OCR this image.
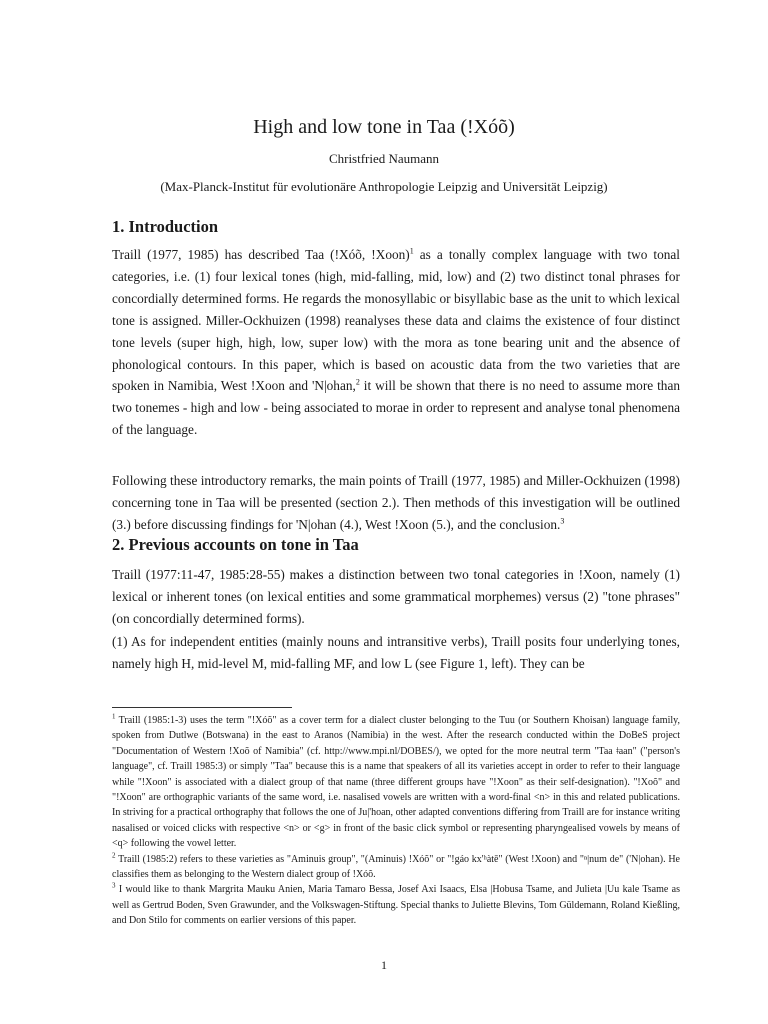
High and low tone in Taa (!Xóõ)
Christfried Naumann
(Max-Planck-Institut für evolutionäre Anthropologie Leipzig and Universität Leipzig)
1. Introduction

Traill (1977, 1985) has described Taa (!Xóõ, !Xoon)$^1$ as a tonally complex language with two tonal categories, i.e. (1) four lexical tones (high, mid-falling, mid, low) and (2) two distinct tonal phrases for concordially determined forms. He regards the monosyllabic or bisyllabic base as the unit to which lexical tone is assigned. Miller-Ockhuizen (1998) reanalyses these data and claims the existence of four distinct tone levels (super high, high, low, super low) with the mora as tone bearing unit and the absence of phonological contours. In this paper, which is based on acoustic data from the two varieties that are spoken in Namibia, West !Xoon and 'N|ohan,$^2$ it will be shown that there is no need to assume more than two tonemes - high and low - being associated to morae in order to represent and analyse tonal phenomena of the language.

Following these introductory remarks, the main points of Traill (1977, 1985) and Miller-Ockhuizen (1998) concerning tone in Taa will be presented (section 2.). Then methods of this investigation will be outlined (3.) before discussing findings for 'N|ohan (4.), West !Xoon (5.), and the conclusion.$^3$

2. Previous accounts on tone in Taa

Traill (1977:11-47, 1985:28-55) makes a distinction between two tonal categories in !Xoon, namely (1) lexical or inherent tones (on lexical entities and some grammatical morphemes) versus (2) "tone phrases" (on concordially determined forms).

(1) As for independent entities (mainly nouns and intransitive verbs), Traill posits four underlying tones, namely high H, mid-level M, mid-falling MF, and low L (see Figure 1, left). They can be

$^1$ Traill (1985:1-3) uses the term "!Xóõ" as a cover term for a dialect cluster belonging to the Tuu (or Southern Khoisan) language family, spoken from Dutlwe (Botswana) in the east to Aranos (Namibia) in the west. After the research conducted within the DoBeS project "Documentation of Western !Xoõ of Namibia" (cf. http://www.mpi.nl/DOBES/), we opted for the more neutral term "Taa ǂaan" ("person's language", cf. Traill 1985:3) or simply "Taa" because this is a name that speakers of all its varieties accept in order to refer to their language while "!Xoon" is associated with a dialect group of that name (three different groups have "!Xoon" as their self-designation). "!Xoõ" and "!Xoon" are orthographic variants of the same word, i.e. nasalised vowels are written with a word-final <n> in this and related publications. In striving for a practical orthography that follows the one of Ju|'hoan, other adapted conventions differing from Traill are for instance writing nasalised or voiced clicks with respective <n> or <g> in front of the basic click symbol or representing pharyngealised vowels by means of <q> following the vowel letter.

$^2$ Traill (1985:2) refers to these varieties as "Aminuis group", "(Aminuis) !Xóõ" or "!gáo kx'ʰàtē" (West !Xoon) and "ⁿ|num de" ('N|ohan). He classifies them as belonging to the Western dialect group of !Xóõ.

$^3$ I would like to thank Margrita Mauku Anien, Maria Tamaro Bessa, Josef Axi Isaacs, Elsa |Hobusa Tsame, and Julieta |Uu kale Tsame as well as Gertrud Boden, Sven Grawunder, and the Volkswagen-Stiftung. Special thanks to Juliette Blevins, Tom Güldemann, Roland Kießling, and Don Stilo for comments on earlier versions of this paper.

1
